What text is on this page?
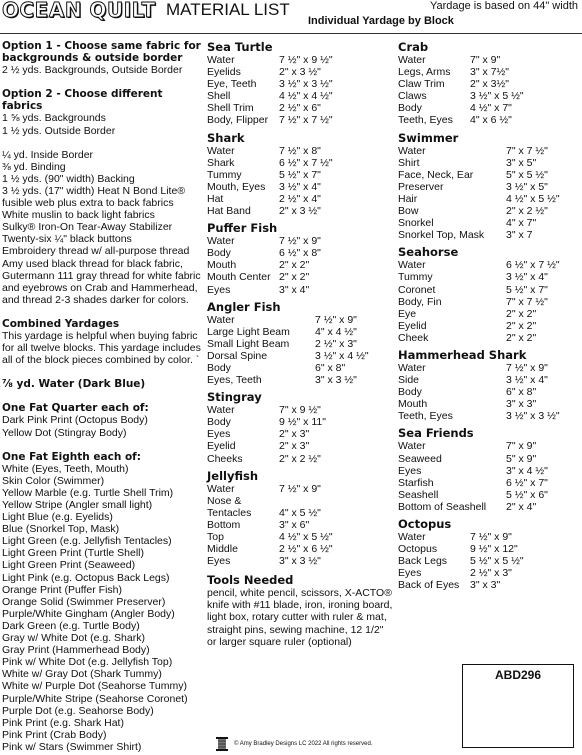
OCEAN QUILT MATERIAL LIST	Yardage is based on 44" width
Individual Yardage by Block

Option 1 - Choose same fabric for backgrounds & outside border

2 ½ yds. Backgrounds, Outside Border

Option 2 - Choose different fabrics

1 ⅝ yds. Backgrounds

1 ½ yds. Outside Border

¼ yd. Inside Border

⅜ yd. Binding

1 ½ yds. (90" width) Backing

3 ½ yds. (17" width) Heat N Bond Lite® fusible web plus extra to back fabrics

White muslin to back light fabrics

Sulky® Iron-On Tear-Away Stabilizer

Twenty-six ¼" black buttons

Embroidery thread w/ all-purpose thread

Amy used black thread for black fabric, Gutermann 111 gray thread for white fabric and eyebrows on Crab and Hammerhead, and thread 2-3 shades darker for colors.

Combined Yardages

This yardage is helpful when buying fabric for all twelve blocks. This yardage includes all of the block pieces combined by color. `

⅞ yd. Water (Dark Blue)

One Fat Quarter each of:

Dark Pink Print (Octopus Body)

Yellow Dot (Stingray Body)

One Fat Eighth each of:

White (Eyes, Teeth, Mouth)

Skin Color (Swimmer)

Yellow Marble (e.g. Turtle Shell Trim)

Yellow Stripe (Angler small light)

Light Blue (e.g. Eyelids)

Blue (Snorkel Top, Mask)

Light Green (e.g. Jellyfish Tentacles)

Light Green Print (Turtle Shell)

Light Green Print (Seaweed)

Light Pink (e.g. Octopus Back Legs)

Orange Print (Puffer Fish)

Orange Solid (Swimmer Preserver)

Purple/White Gingham (Angler Body)

Dark Green (e.g. Turtle Body)

Gray w/ White Dot (e.g. Shark)

Gray Print (Hammerhead Body)

Pink w/ White Dot (e.g. Jellyfish Top)

White w/ Gray Dot (Shark Tummy)

White w/ Purple Dot (Seahorse Tummy)

Purple/White Stripe (Seahorse Coronet)

Purple Dot (e.g. Seahorse Body)

Pink Print (e.g. Shark Hat)

Pink Print (Crab Body)

Pink w/ Stars (Swimmer Shirt)

Sea Turtle
Water	7 ½" x 9 ½"
Eyelids	2" x 3 ½"
Eye, Teeth	3 ½" x 3 ½"
Shell	4 ½" x 4 ½"
Shell Trim	2 ½" x 6"
Body, Flipper	7 ½" x 7 ½"
Shark
Water	7 ½" x 8"
Shark	6 ½" x 7 ½"
Tummy	5 ½" x 7"
Mouth, Eyes	3 ½" x 4"
Hat	2 ½" x 4"
Hat Band	2" x 3 ½"
Puffer Fish
Water	7 ½" x 9"
Body	6 ½" x 8"
Mouth	2" x 2"
Mouth Center	2" x 2"
Eyes	3" x 4"
Angler Fish
Water	7 ½" x 9"
Large Light Beam	4" x 4 ½"
Small Light Beam	2 ½" x 3"
Dorsal Spine	3 ½" x 4 ½"
Body	6" x 8"
Eyes, Teeth	3" x 3 ½"
Stingray
Water	7" x 9 ½"
Body	9 ½" x 11"
Eyes	2" x 3"
Eyelid	2" x 3"
Cheeks	2" x 2 ½"
Jellyfish
Water	7 ½" x 9"
Nose &	
Tentacles	4" x 5 ½"
Bottom	3" x 6"
Top	4 ½" x 5 ½"
Middle	2 ½" x 6 ½"
Eyes	3" x 3 ½"
Tools Needed

pencil, white pencil, scissors, X-ACTO® knife with #11 blade, iron, ironing board, light box, rotary cutter with ruler & mat, straight pins, sewing machine, 12 1/2" or larger square ruler (optional)

Crab
Water	7" x 9"
Legs, Arms	3" x 7½"
Claw Trim	2" x 3½"
Claws	3 ½" x 5 ½"
Body	4 ½" x 7"
Teeth, Eyes	4" x 6 ½"
Swimmer
Water	7" x 7 ½"
Shirt	3" x 5"
Face, Neck, Ear	5" x 5 ½"
Preserver	3 ½" x 5"
Hair	4 ½" x 5 ½"
Bow	2" x 2 ½"
Snorkel	4" x 7"
Snorkel Top, Mask	3" x 7
Seahorse
Water	6 ½" x 7 ½"
Tummy	3 ½" x 4"
Coronet	5 ½" x 7"
Body, Fin	7" x 7 ½"
Eye	2" x 2"
Eyelid	2" x 2"
Cheek	2" x 2"
Hammerhead Shark
Water	7 ½" x 9"
Side	3 ½" x 4"
Body	6" x 8"
Mouth	3" x 3"
Teeth, Eyes	3 ½" x 3 ½"
Sea Friends
Water	7" x 9"
Seaweed	5" x 9"
Eyes	3" x 4 ½"
Starfish	6 ½" x 7"
Seashell	5 ½" x 6"
Bottom of Seashell	2" x 4"
Octopus
Water	7 ½" x 9"
Octopus	9 ½" x 12"
Back Legs	5 ½" x 5 ½"
Eyes	2 ½" x 3"
Back of Eyes	3" x 3"
ABD296
© Amy Bradley Designs LC 2022 All rights reserved.
